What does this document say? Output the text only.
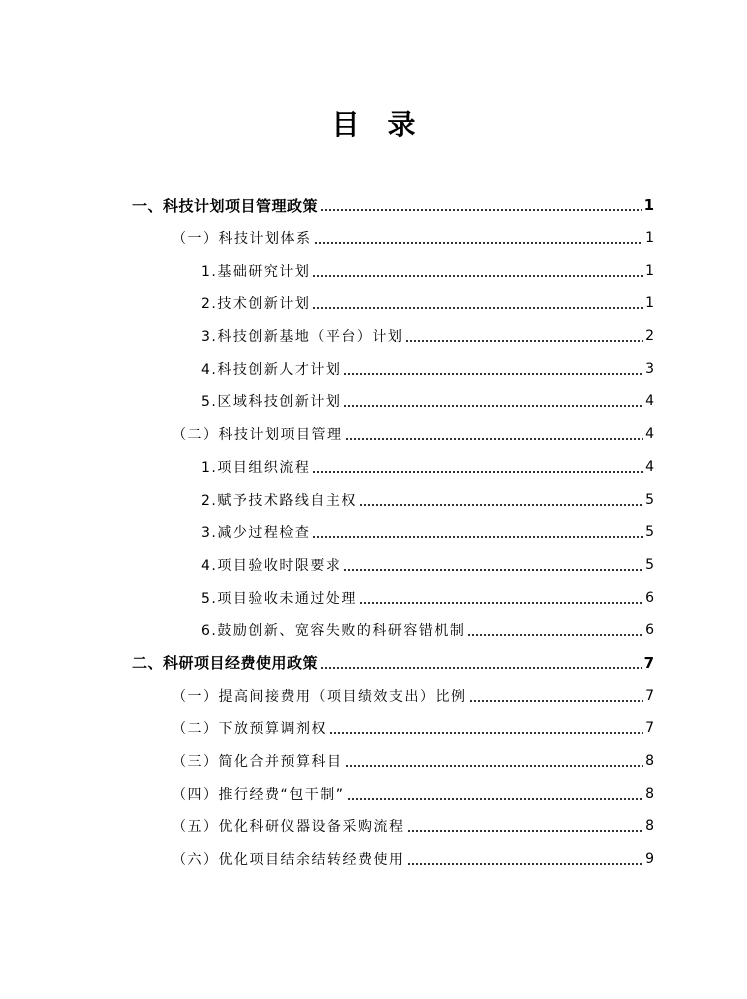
目 录
一、科技计划项目管理政策	1
（一）科技计划体系	1
1.基础研究计划	1
2.技术创新计划	1
3.科技创新基地（平台）计划	2
4.科技创新人才计划	3
5.区域科技创新计划	4
（二）科技计划项目管理	4
1.项目组织流程	4
2.赋予技术路线自主权	5
3.减少过程检查	5
4.项目验收时限要求	5
5.项目验收未通过处理	6
6.鼓励创新、宽容失败的科研容错机制	6
二、科研项目经费使用政策	7
（一）提高间接费用（项目绩效支出）比例	7
（二）下放预算调剂权	7
（三）简化合并预算科目	8
（四）推行经费“包干制”	8
（五）优化科研仪器设备采购流程	8
（六）优化项目结余结转经费使用	9
